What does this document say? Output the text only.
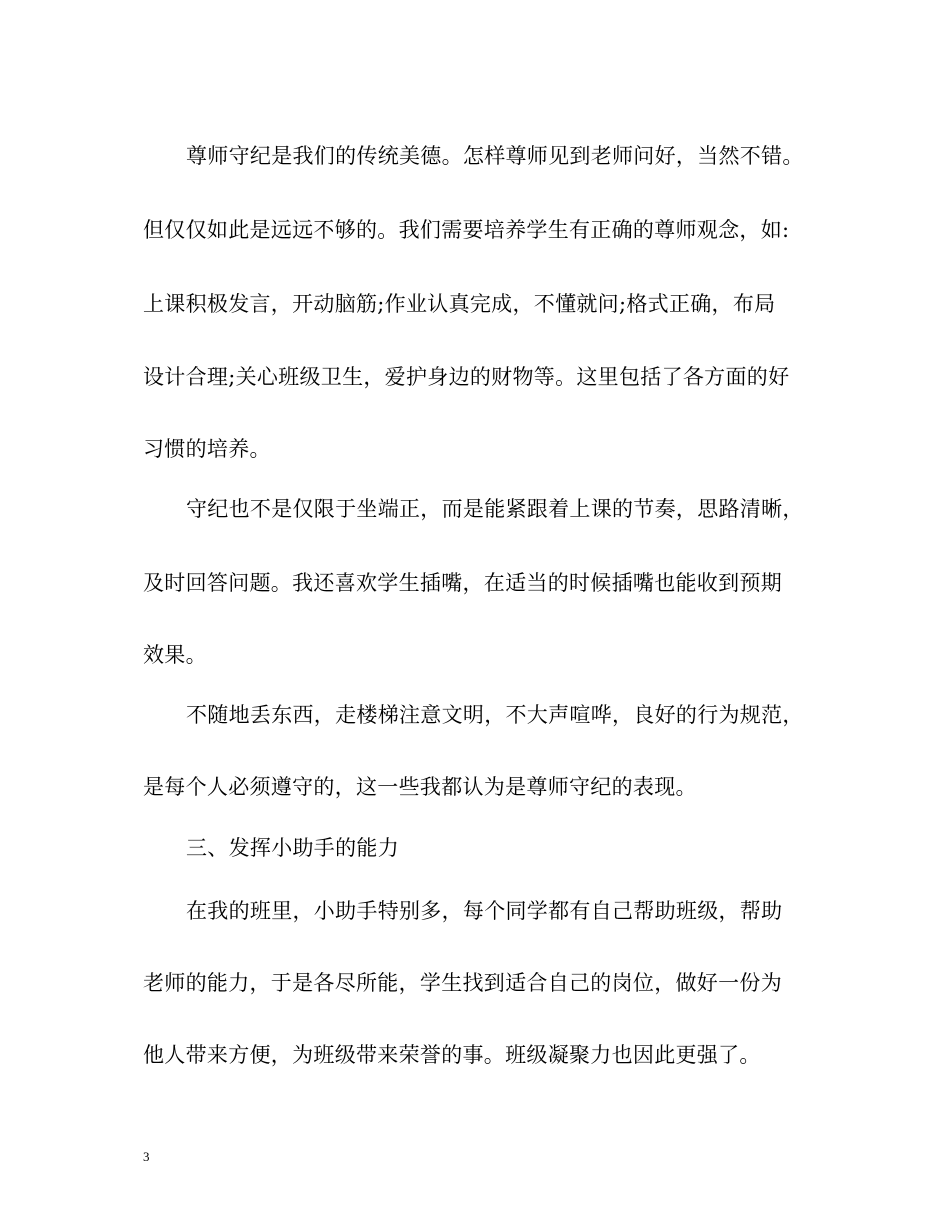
尊师守纪是我们的传统美德。怎样尊师见到老师问好，当然不错。
但仅仅如此是远远不够的。我们需要培养学生有正确的尊师观念，如:
上课积极发言，开动脑筋;作业认真完成，不懂就问;格式正确，布局
设计合理;关心班级卫生，爱护身边的财物等。这里包括了各方面的好
习惯的培养。
守纪也不是仅限于坐端正，而是能紧跟着上课的节奏，思路清晰，
及时回答问题。我还喜欢学生插嘴，在适当的时候插嘴也能收到预期
效果。
不随地丢东西，走楼梯注意文明，不大声喧哗，良好的行为规范，
是每个人必须遵守的，这一些我都认为是尊师守纪的表现。
三、发挥小助手的能力
在我的班里，小助手特别多，每个同学都有自己帮助班级，帮助
老师的能力，于是各尽所能，学生找到适合自己的岗位，做好一份为
他人带来方便，为班级带来荣誉的事。班级凝聚力也因此更强了。
3
